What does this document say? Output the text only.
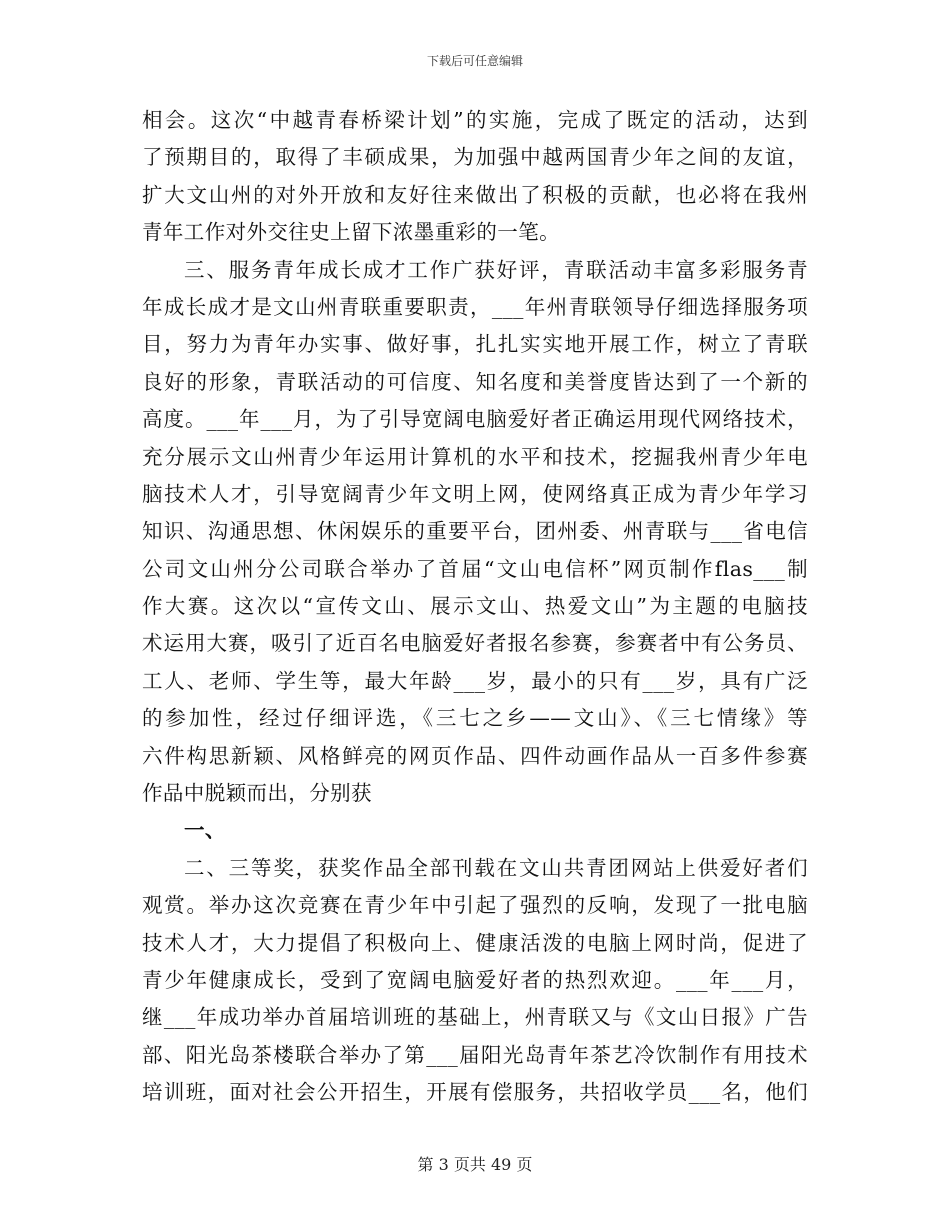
下载后可任意编辑
相会。这次“中越青春桥梁计划”的实施，完成了既定的活动，达到
了预期目的，取得了丰硕成果，为加强中越两国青少年之间的友谊，
扩大文山州的对外开放和友好往来做出了积极的贡献，也必将在我州
青年工作对外交往史上留下浓墨重彩的一笔。
三、服务青年成长成才工作广获好评，青联活动丰富多彩服务青
年成长成才是文山州青联重要职责，___年州青联领导仔细选择服务项
目，努力为青年办实事、做好事，扎扎实实地开展工作，树立了青联
良好的形象，青联活动的可信度、知名度和美誉度皆达到了一个新的
高度。___年___月，为了引导宽阔电脑爱好者正确运用现代网络技术，
充分展示文山州青少年运用计算机的水平和技术，挖掘我州青少年电
脑技术人才，引导宽阔青少年文明上网，使网络真正成为青少年学习
知识、沟通思想、休闲娱乐的重要平台，团州委、州青联与___省电信
公司文山州分公司联合举办了首届“文山电信杯”网页制作flas___制
作大赛。这次以“宣传文山、展示文山、热爱文山”为主题的电脑技
术运用大赛，吸引了近百名电脑爱好者报名参赛，参赛者中有公务员、
工人、老师、学生等，最大年龄___岁，最小的只有___岁，具有广泛
的参加性，经过仔细评选，《三七之乡——文山》、《三七情缘》等
六件构思新颖、风格鲜亮的网页作品、四件动画作品从一百多件参赛
作品中脱颖而出，分别获
一、
二、三等奖，获奖作品全部刊载在文山共青团网站上供爱好者们
观赏。举办这次竞赛在青少年中引起了强烈的反响，发现了一批电脑
技术人才，大力提倡了积极向上、健康活泼的电脑上网时尚，促进了
青少年健康成长，受到了宽阔电脑爱好者的热烈欢迎。___年___月，
继___年成功举办首届培训班的基础上，州青联又与《文山日报》广告
部、阳光岛茶楼联合举办了第___届阳光岛青年茶艺冷饮制作有用技术
培训班，面对社会公开招生，开展有偿服务，共招收学员___名，他们
第 3 页共 49 页
